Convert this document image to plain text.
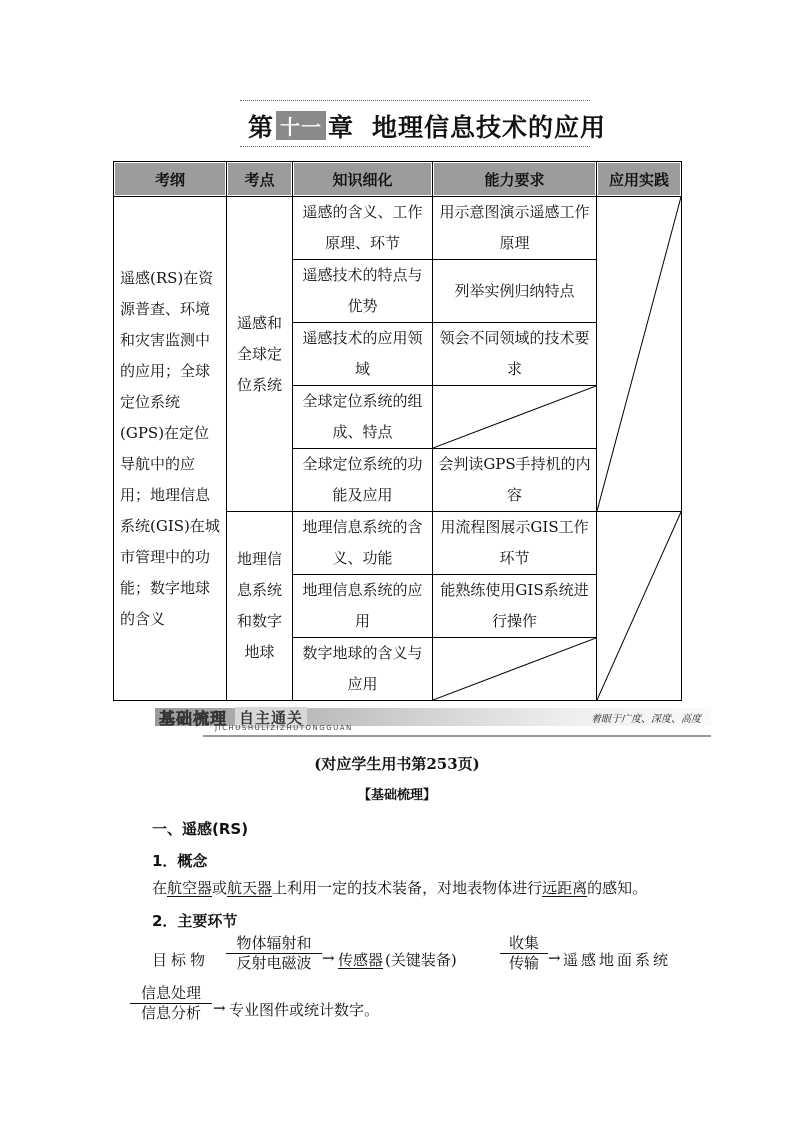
第 十一 章 地理信息技术的应用
考纲	考点	知识细化	能力要求	应用实践
遥感(RS)在资源普查、环境和灾害监测中的应用；全球定位系统(GPS)在定位导航中的应用；地理信息系统(GIS)在城市管理中的功能；数字地球的含义	遥感和全球定位系统	遥感的含义、工作原理、环节	用示意图演示遥感工作原理	

		遥感技术的特点与优势	列举实例归纳特点	
		遥感技术的应用领域	领会不同领域的技术要求	
		全球定位系统的组成、特点	

		全球定位系统的功能及应用	会判读GPS手持机的内容	
	地理信息系统和数字地球	地理信息系统的含义、功能	用流程图展示GIS工作环节	

		地理信息系统的应用	能熟练使用GIS系统进行操作	
		数字地球的含义与应用	
基础梳理 自主通关
JICHUSHULIZIZHUTONGGUAN
着眼于广度、深度、高度
(对应学生用书第253页)
【基础梳理】
一、遥感(RS)
1．概念
在航空器或航天器上利用一定的技术装备，对地表物体进行远距离的感知。
2．主要环节
目标物
物体辐射和
反射电磁波 → 传感器 (关键装备)
收集
传输 → 遥感地面系统
信息处理
信息分析 → 专业图件或统计数字。
